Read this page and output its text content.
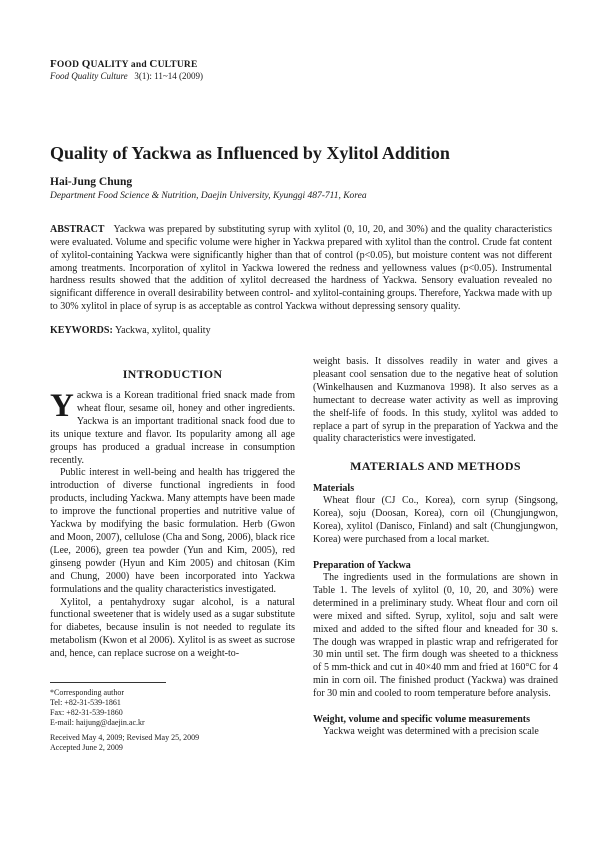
FOOD QUALITY and CULTURE
Food Quality Culture 3(1): 11~14 (2009)
Quality of Yackwa as Influenced by Xylitol Addition
Hai-Jung Chung
Department Food Science & Nutrition, Daejin University, Kyunggi 487-711, Korea
ABSTRACT Yackwa was prepared by substituting syrup with xylitol (0, 10, 20, and 30%) and the quality characteristics were evaluated. Volume and specific volume were higher in Yackwa prepared with xylitol than the control. Crude fat content of xylitol-containing Yackwa were significantly higher than that of control (p<0.05), but moisture content was not different among treatments. Incorporation of xylitol in Yackwa lowered the redness and yellowness values (p<0.05). Instrumental hardness results showed that the addition of xylitol decreased the hardness of Yackwa. Sensory evaluation revealed no significant difference in overall desirability between control- and xylitol-containing groups. Therefore, Yackwa made with up to 30% xylitol in place of syrup is as acceptable as control Yackwa without depressing sensory quality.
KEYWORDS: Yackwa, xylitol, quality
INTRODUCTION

Yackwa is a Korean traditional fried snack made from wheat flour, sesame oil, honey and other ingredients. Yackwa is an important traditional snack food due to its unique texture and flavor. Its popularity among all age groups has produced a gradual increase in consumption recently.

Public interest in well-being and health has triggered the introduction of diverse functional ingredients in food products, including Yackwa. Many attempts have been made to improve the functional properties and nutritive value of Yackwa by modifying the basic formulation. Herb (Gwon and Moon, 2007), cellulose (Cha and Song, 2006), black rice (Lee, 2006), green tea powder (Yun and Kim, 2005), red ginseng powder (Hyun and Kim 2005) and chitosan (Kim and Chung, 2000) have been incorporated into Yackwa formulations and the quality characteristics investigated.

Xylitol, a pentahydroxy sugar alcohol, is a natural functional sweetener that is widely used as a sugar substitute for diabetes, because insulin is not needed to regulate its metabolism (Kwon et al 2006). Xylitol is as sweet as sucrose and, hence, can replace sucrose on a weight-to-

weight basis. It dissolves readily in water and gives a pleasant cool sensation due to the negative heat of solution (Winkelhausen and Kuzmanova 1998). It also serves as a humectant to decrease water activity as well as improving the shelf-life of foods. In this study, xylitol was added to replace a part of syrup in the preparation of Yackwa and the quality characteristics were investigated.

MATERIALS AND METHODS
Materials

Wheat flour (CJ Co., Korea), corn syrup (Singsong, Korea), soju (Doosan, Korea), corn oil (Chungjungwon, Korea), xylitol (Danisco, Finland) and salt (Chungjungwon, Korea) were purchased from a local market.

Preparation of Yackwa

The ingredients used in the formulations are shown in Table 1. The levels of xylitol (0, 10, 20, and 30%) were determined in a preliminary study. Wheat flour and corn oil were mixed and sifted. Syrup, xylitol, soju and salt were mixed and added to the sifted flour and kneaded for 30 s. The dough was wrapped in plastic wrap and refrigerated for 30 min until set. The firm dough was sheeted to a thickness of 5 mm-thick and cut in 40×40 mm and fried at 160°C for 4 min in corn oil. The finished product (Yackwa) was drained for 30 min and cooled to room temperature before analysis.

Weight, volume and specific volume measurements

Yackwa weight was determined with a precision scale

*Corresponding author
Tel: +82-31-539-1861
Fax: +82-31-539-1860
E-mail: haijung@daejin.ac.kr
Received May 4, 2009; Revised May 25, 2009
Accepted June 2, 2009
